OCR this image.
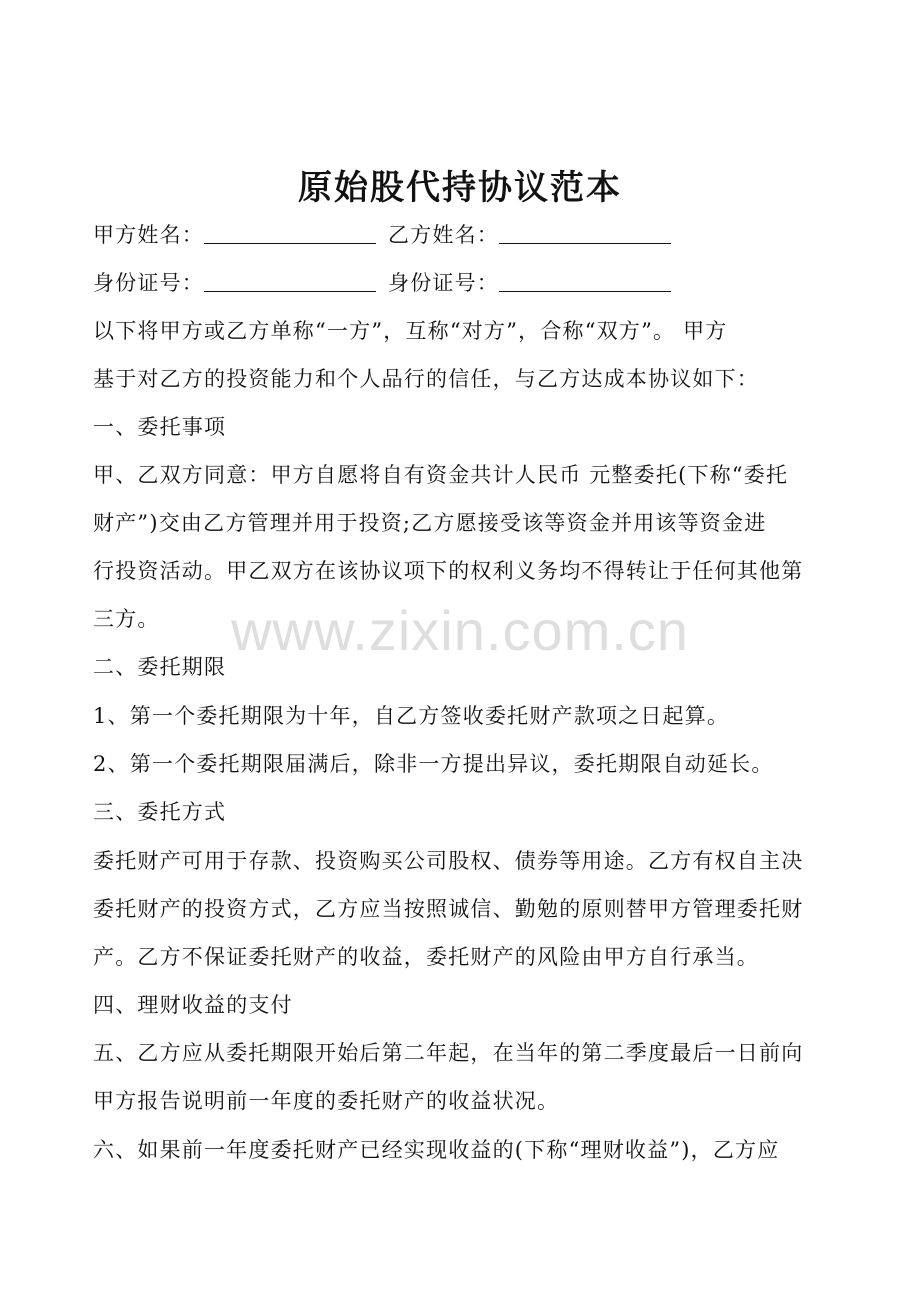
原始股代持协议范本
甲方姓名：	乙方姓名：
身份证号：	身份证号：
以下将甲方或乙方单称“一方”，互称“对方”，合称“双方”。 甲方
基于对乙方的投资能力和个人品行的信任，与乙方达成本协议如下：
一、委托事项
甲、乙双方同意：甲方自愿将自有资金共计人民币 元整委托(下称“委托
财产”)交由乙方管理并用于投资;乙方愿接受该等资金并用该等资金进
行投资活动。甲乙双方在该协议项下的权利义务均不得转让于任何其他第
三方。
二、委托期限
1、第一个委托期限为十年，自乙方签收委托财产款项之日起算。
2、第一个委托期限届满后，除非一方提出异议，委托期限自动延长。
三、委托方式
委托财产可用于存款、投资购买公司股权、债券等用途。乙方有权自主决
委托财产的投资方式，乙方应当按照诚信、勤勉的原则替甲方管理委托财
产。乙方不保证委托财产的收益，委托财产的风险由甲方自行承当。
四、理财收益的支付
五、乙方应从委托期限开始后第二年起，在当年的第二季度最后一日前向
甲方报告说明前一年度的委托财产的收益状况。
六、如果前一年度委托财产已经实现收益的(下称“理财收益”)，乙方应
www.zixin.com.cn
